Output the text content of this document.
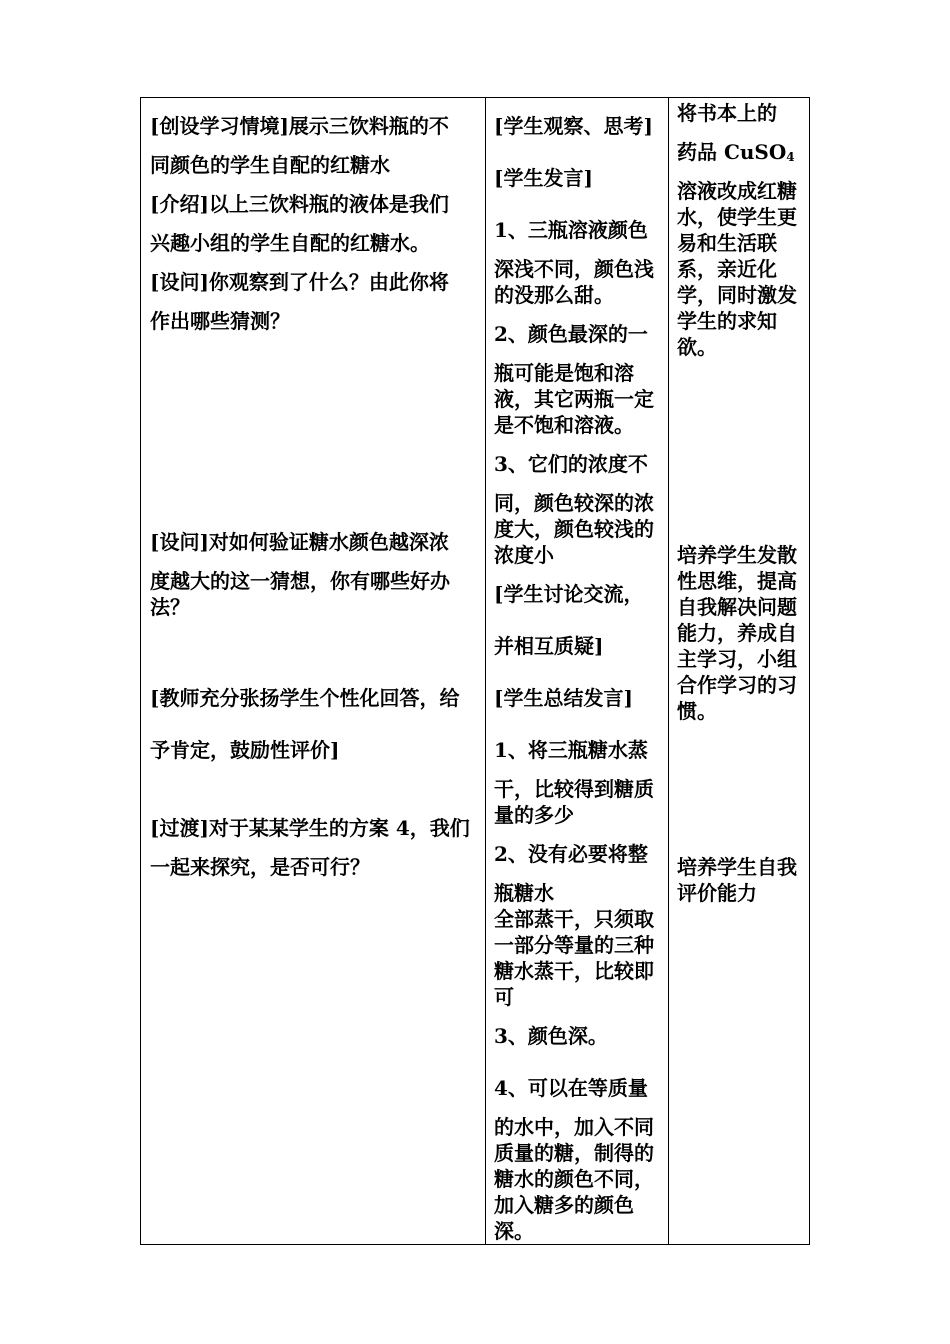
[创设学习情境]展示三饮料瓶的不
同颜色的学生自配的红糖水
[介绍]以上三饮料瓶的液体是我们
兴趣小组的学生自配的红糖水。
[设问]你观察到了什么？由此你将
作出哪些猜测？
[设问]对如何验证糖水颜色越深浓
度越大的这一猜想，你有哪些好办
法？
[教师充分张扬学生个性化回答，给
予肯定，鼓励性评价]
[过渡]对于某某学生的方案 4，我们
一起来探究，是否可行？
[学生观察、思考]
[学生发言]
1、三瓶溶液颜色
深浅不同，颜色浅的没那么甜。
2、颜色最深的一
瓶可能是饱和溶液，其它两瓶一定是不饱和溶液。
3、它们的浓度不
同，颜色较深的浓度大，颜色较浅的浓度小
[学生讨论交流，
并相互质疑]
[学生总结发言]
1、将三瓶糖水蒸
干，比较得到糖质量的多少
2、没有必要将整
瓶糖水
全部蒸干，只须取一部分等量的三种糖水蒸干，比较即可
3、颜色深。
4、可以在等质量
的水中，加入不同质量的糖，制得的糖水的颜色不同，加入糖多的颜色深。
将书本上的
药品 CuSO$_4$
溶液改成红糖水，使学生更易和生活联系，亲近化学，同时激发学生的求知欲。
培养学生发散性思维，提高自我解决问题能力，养成自主学习，小组合作学习的习惯。
培养学生自我评价能力
